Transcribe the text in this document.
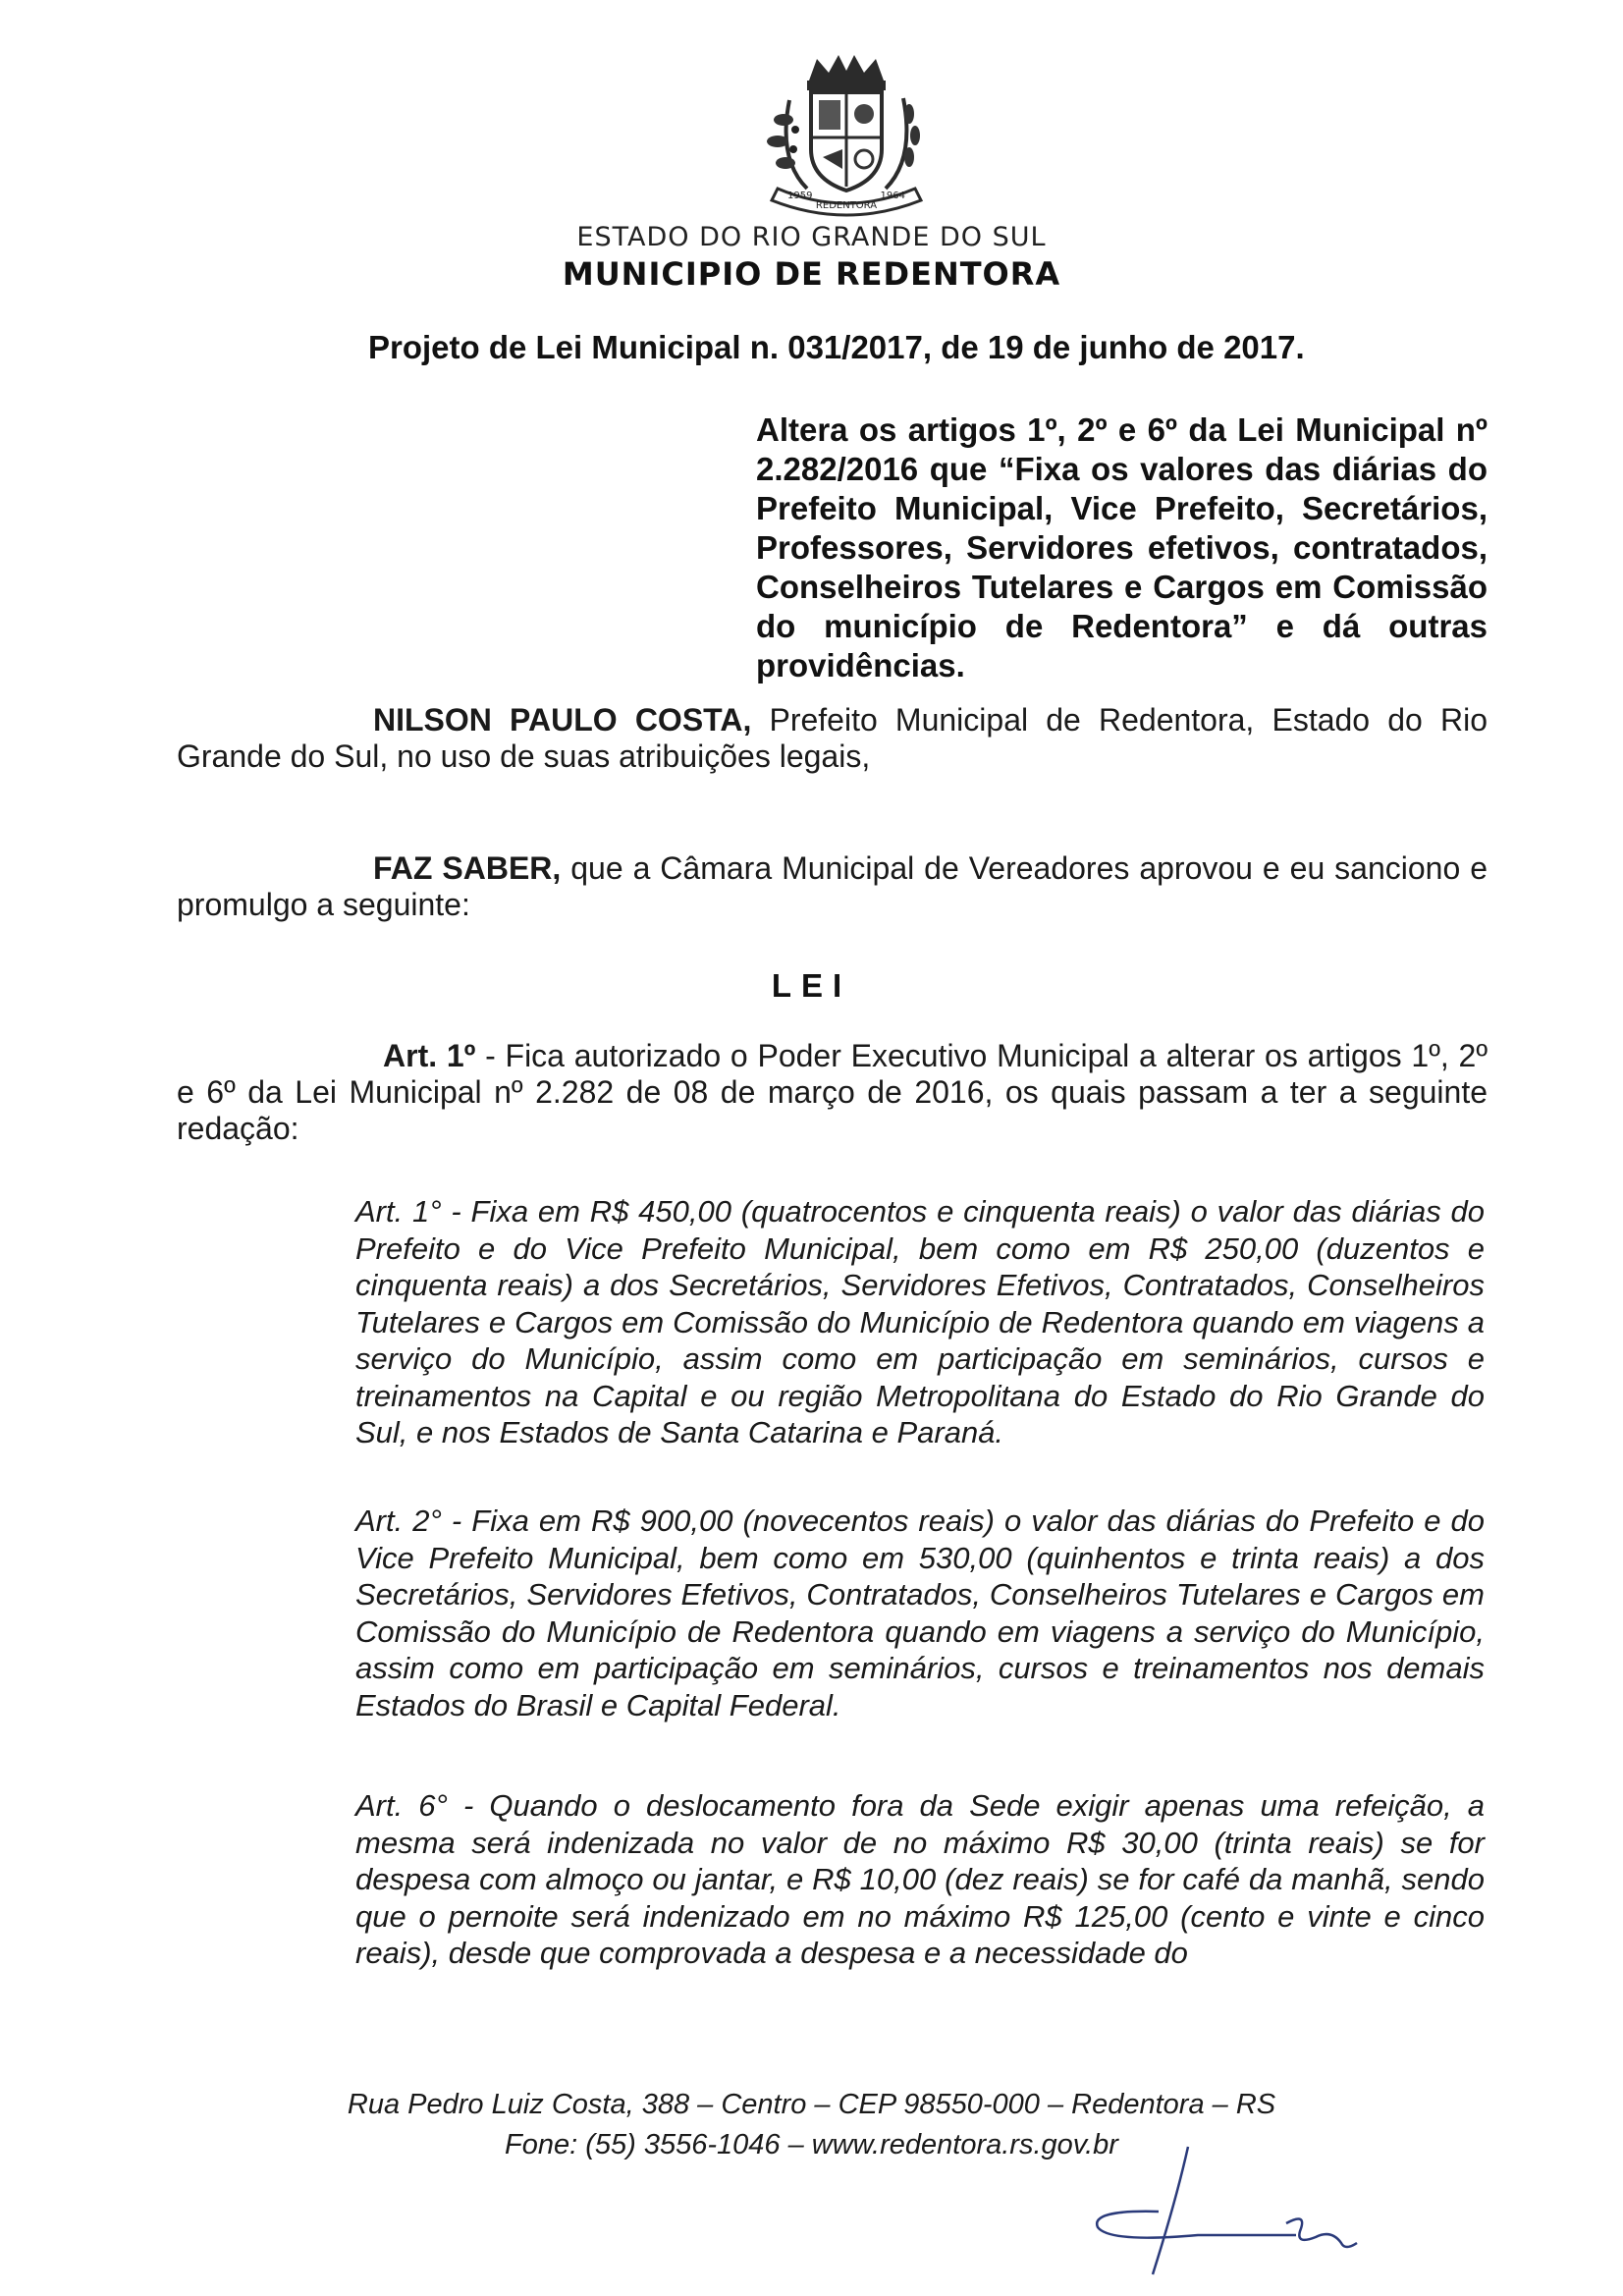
1959
REDENTORA
1964
ESTADO DO RIO GRANDE DO SUL
MUNICIPIO DE REDENTORA
Projeto de Lei Municipal n. 031/2017, de 19 de junho de 2017.
Altera os artigos 1º, 2º e 6º da Lei Municipal nº 2.282/2016 que “Fixa os valores das diárias do Prefeito Municipal, Vice Prefeito, Secretários, Professores, Servidores efetivos, contratados, Conselheiros Tutelares e Cargos em Comissão do município de Redentora” e dá outras providências.
NILSON PAULO COSTA, Prefeito Municipal de Redentora, Estado do Rio Grande do Sul, no uso de suas atribuições legais,
FAZ SABER, que a Câmara Municipal de Vereadores aprovou e eu sanciono e promulgo a seguinte:
LEI
Art. 1º - Fica autorizado o Poder Executivo Municipal a alterar os artigos 1º, 2º e 6º da Lei Municipal nº 2.282 de 08 de março de 2016, os quais passam a ter a seguinte redação:
Art. 1° - Fixa em R$ 450,00 (quatrocentos e cinquenta reais) o valor das diárias do Prefeito e do Vice Prefeito Municipal, bem como em R$ 250,00 (duzentos e cinquenta reais) a dos Secretários, Servidores Efetivos, Contratados, Conselheiros Tutelares e Cargos em Comissão do Município de Redentora quando em viagens a serviço do Município, assim como em participação em seminários, cursos e treinamentos na Capital e ou região Metropolitana do Estado do Rio Grande do Sul, e nos Estados de Santa Catarina e Paraná.
Art. 2° - Fixa em R$ 900,00 (novecentos reais) o valor das diárias do Prefeito e do Vice Prefeito Municipal, bem como em 530,00 (quinhentos e trinta reais) a dos Secretários, Servidores Efetivos, Contratados, Conselheiros Tutelares e Cargos em Comissão do Município de Redentora quando em viagens a serviço do Município, assim como em participação em seminários, cursos e treinamentos nos demais Estados do Brasil e Capital Federal.
Art. 6° - Quando o deslocamento fora da Sede exigir apenas uma refeição, a mesma será indenizada no valor de no máximo R$ 30,00 (trinta reais) se for despesa com almoço ou jantar, e R$ 10,00 (dez reais) se for café da manhã, sendo que o pernoite será indenizado em no máximo R$ 125,00 (cento e vinte e cinco reais), desde que comprovada a despesa e a necessidade do
Rua Pedro Luiz Costa, 388 – Centro – CEP 98550-000 – Redentora – RS
Fone: (55) 3556-1046 – www.redentora.rs.gov.br
